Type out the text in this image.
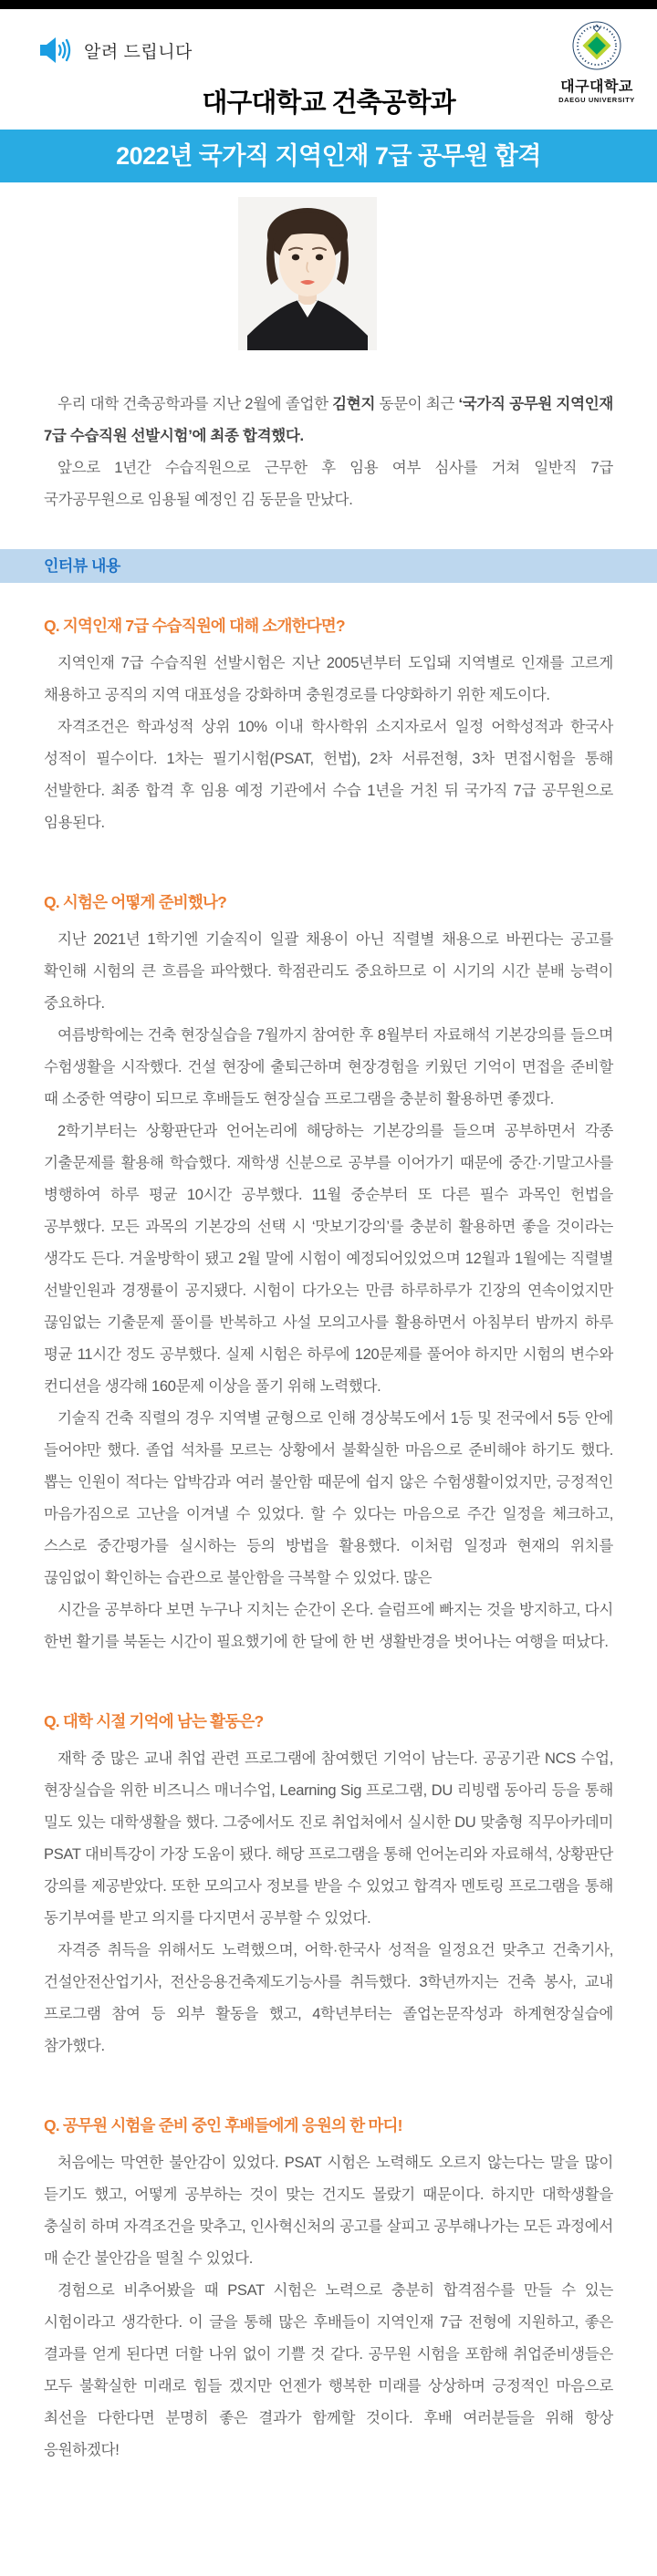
알려 드립니다
대구대학교
DAEGU UNIVERSITY
대구대학교 건축공학과
2022년 국가직 지역인재 7급 공무원 합격

우리 대학 건축공학과를 지난 2월에 졸업한 김현지 동문이 최근 ‘국가직 공무원 지역인재 7급 수습직원 선발시험’에 최종 합격했다.

앞으로 1년간 수습직원으로 근무한 후 임용 여부 심사를 거쳐 일반직 7급 국가공무원으로 임용될 예정인 김 동문을 만났다.

인터뷰 내용
Q. 지역인재 7급 수습직원에 대해 소개한다면?

지역인재 7급 수습직원 선발시험은 지난 2005년부터 도입돼 지역별로 인재를 고르게 채용하고 공직의 지역 대표성을 강화하며 충원경로를 다양화하기 위한 제도이다.

자격조건은 학과성적 상위 10% 이내 학사학위 소지자로서 일정 어학성적과 한국사 성적이 필수이다. 1차는 필기시험(PSAT, 헌법), 2차 서류전형, 3차 면접시험을 통해 선발한다. 최종 합격 후 임용 예정 기관에서 수습 1년을 거친 뒤 국가직 7급 공무원으로 임용된다.

Q. 시험은 어떻게 준비했나?

지난 2021년 1학기엔 기술직이 일괄 채용이 아닌 직렬별 채용으로 바뀐다는 공고를 확인해 시험의 큰 흐름을 파악했다. 학점관리도 중요하므로 이 시기의 시간 분배 능력이 중요하다.

여름방학에는 건축 현장실습을 7월까지 참여한 후 8월부터 자료해석 기본강의를 들으며 수험생활을 시작했다. 건설 현장에 출퇴근하며 현장경험을 키웠던 기억이 면접을 준비할 때 소중한 역량이 되므로 후배들도 현장실습 프로그램을 충분히 활용하면 좋겠다.

2학기부터는 상황판단과 언어논리에 해당하는 기본강의를 들으며 공부하면서 각종 기출문제를 활용해 학습했다. 재학생 신분으로 공부를 이어가기 때문에 중간·기말고사를 병행하여 하루 평균 10시간 공부했다. 11월 중순부터 또 다른 필수 과목인 헌법을 공부했다. 모든 과목의 기본강의 선택 시 ‘맛보기강의’를 충분히 활용하면 좋을 것이라는 생각도 든다. 겨울방학이 됐고 2월 말에 시험이 예정되어있었으며 12월과 1월에는 직렬별 선발인원과 경쟁률이 공지됐다. 시험이 다가오는 만큼 하루하루가 긴장의 연속이었지만 끊임없는 기출문제 풀이를 반복하고 사설 모의고사를 활용하면서 아침부터 밤까지 하루 평균 11시간 정도 공부했다. 실제 시험은 하루에 120문제를 풀어야 하지만 시험의 변수와 컨디션을 생각해 160문제 이상을 풀기 위해 노력했다.

기술직 건축 직렬의 경우 지역별 균형으로 인해 경상북도에서 1등 및 전국에서 5등 안에 들어야만 했다. 졸업 석차를 모르는 상황에서 불확실한 마음으로 준비해야 하기도 했다. 뽑는 인원이 적다는 압박감과 여러 불안함 때문에 쉽지 않은 수험생활이었지만, 긍정적인 마음가짐으로 고난을 이겨낼 수 있었다. 할 수 있다는 마음으로 주간 일정을 체크하고, 스스로 중간평가를 실시하는 등의 방법을 활용했다. 이처럼 일정과 현재의 위치를 끊임없이 확인하는 습관으로 불안함을 극복할 수 있었다. 많은

시간을 공부하다 보면 누구나 지치는 순간이 온다. 슬럼프에 빠지는 것을 방지하고, 다시 한번 활기를 북돋는 시간이 필요했기에 한 달에 한 번 생활반경을 벗어나는 여행을 떠났다.

Q. 대학 시절 기억에 남는 활동은?

재학 중 많은 교내 취업 관련 프로그램에 참여했던 기억이 남는다. 공공기관 NCS 수업, 현장실습을 위한 비즈니스 매너수업, Learning Sig 프로그램, DU 리빙랩 동아리 등을 통해 밀도 있는 대학생활을 했다. 그중에서도 진로 취업처에서 실시한 DU 맞춤형 직무아카데미 PSAT 대비특강이 가장 도움이 됐다. 해당 프로그램을 통해 언어논리와 자료해석, 상황판단 강의를 제공받았다. 또한 모의고사 정보를 받을 수 있었고 합격자 멘토링 프로그램을 통해 동기부여를 받고 의지를 다지면서 공부할 수 있었다.

자격증 취득을 위해서도 노력했으며, 어학·한국사 성적을 일정요건 맞추고 건축기사, 건설안전산업기사, 전산응용건축제도기능사를 취득했다. 3학년까지는 건축 봉사, 교내 프로그램 참여 등 외부 활동을 했고, 4학년부터는 졸업논문작성과 하계현장실습에 참가했다.

Q. 공무원 시험을 준비 중인 후배들에게 응원의 한 마디!

처음에는 막연한 불안감이 있었다. PSAT 시험은 노력해도 오르지 않는다는 말을 많이 듣기도 했고, 어떻게 공부하는 것이 맞는 건지도 몰랐기 때문이다. 하지만 대학생활을 충실히 하며 자격조건을 맞추고, 인사혁신처의 공고를 살피고 공부해나가는 모든 과정에서 매 순간 불안감을 떨칠 수 있었다.

경험으로 비추어봤을 때 PSAT 시험은 노력으로 충분히 합격점수를 만들 수 있는 시험이라고 생각한다. 이 글을 통해 많은 후배들이 지역인재 7급 전형에 지원하고, 좋은 결과를 얻게 된다면 더할 나위 없이 기쁠 것 같다. 공무원 시험을 포함해 취업준비생들은 모두 불확실한 미래로 힘들 겠지만 언젠가 행복한 미래를 상상하며 긍정적인 마음으로 최선을 다한다면 분명히 좋은 결과가 함께할 것이다. 후배 여러분들을 위해 항상 응원하겠다!
